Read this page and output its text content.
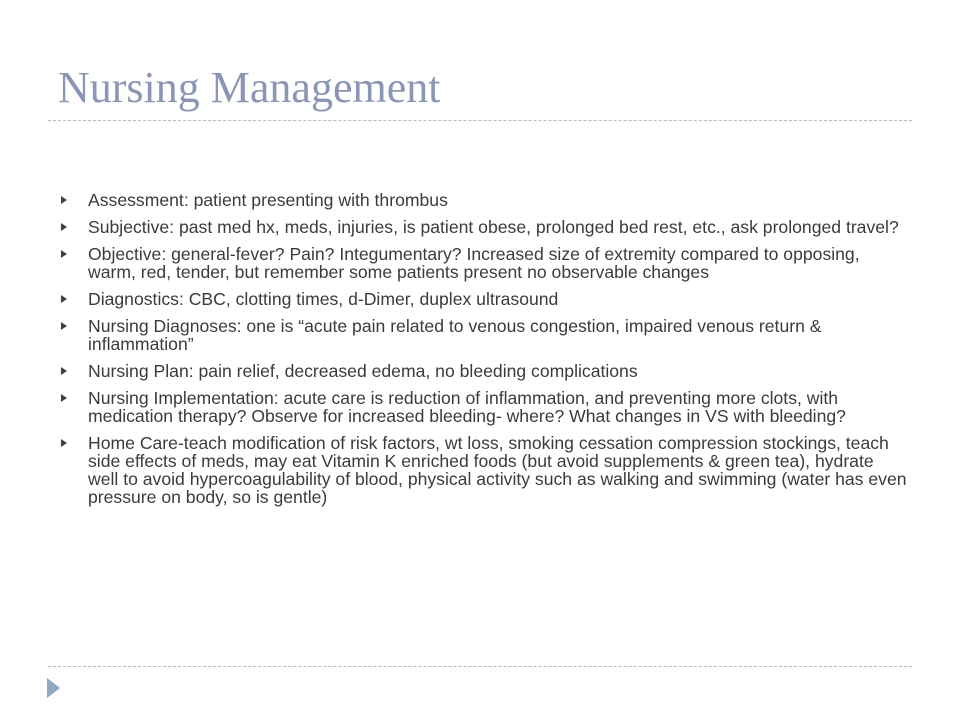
Nursing Management
Assessment: patient presenting with thrombus
Subjective: past med hx, meds, injuries, is patient obese, prolonged bed rest, etc., ask prolonged travel?
Objective: general-fever? Pain? Integumentary? Increased size of extremity compared to opposing, warm, red, tender, but remember some patients present no observable changes
Diagnostics: CBC, clotting times, d-Dimer, duplex ultrasound
Nursing Diagnoses: one is “acute pain related to venous congestion, impaired venous return & inflammation”
Nursing Plan: pain relief, decreased edema, no bleeding complications
Nursing Implementation: acute care is reduction of inflammation, and preventing more clots, with medication therapy? Observe for increased bleeding- where? What changes in VS with bleeding?
Home Care-teach modification of risk factors, wt loss, smoking cessation compression stockings, teach side effects of meds, may eat Vitamin K enriched foods (but avoid supplements & green tea), hydrate well to avoid hypercoagulability of blood, physical activity such as walking and swimming (water has even pressure on body, so is gentle)
